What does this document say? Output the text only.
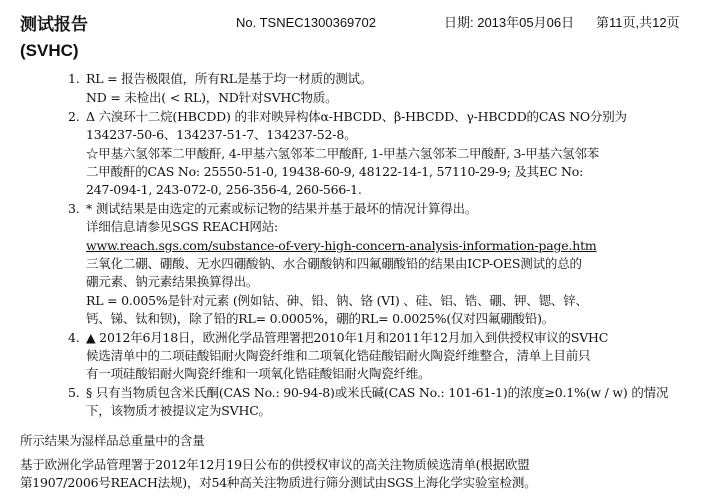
测试报告
(SVHC)
No. TSNEC1300369702	日期: 2013年05月06日 第11页,共12页
1. RL = 报告极限值，所有RL是基于均一材质的测试。
ND = 未检出( < RL)，ND针对SVHC物质。
2. Δ 六溴环十二烷(HBCDD) 的非对映异构体α-HBCDD、β-HBCDD、γ-HBCDD的CAS NO分别为
134237-50-6、134237-51-7、134237-52-8。
☆甲基六氢邻苯二甲酸酐, 4-甲基六氢邻苯二甲酸酐, 1-甲基六氢邻苯二甲酸酐, 3-甲基六氢邻苯
二甲酸酐的CAS No: 25550-51-0, 19438-60-9, 48122-14-1, 57110-29-9; 及其EC No:
247-094-1, 243-072-0, 256-356-4, 260-566-1.
3. * 测试结果是由选定的元素或标记物的结果并基于最坏的情况计算得出。
详细信息请参见SGS REACH网站:
www.reach.sgs.com/substance-of-very-high-concern-analysis-information-page.htm
三氧化二硼、硼酸、无水四硼酸钠、水合硼酸钠和四氟硼酸铅的结果由ICP-OES测试的总的
硼元素、钠元素结果换算得出。
RL = 0.005%是针对元素 (例如钴、砷、铅、钠、铬 (VI) 、硅、铝、锆、硼、钾、锶、锌、
钙、锑、钛和钡)，除了铅的RL= 0.0005%，硼的RL= 0.0025%(仅对四氟硼酸铅)。
4. ▲ 2012年6月18日，欧洲化学品管理署把2010年1月和2011年12月加入到供授权审议的SVHC
候选清单中的二项硅酸铝耐火陶瓷纤维和二项氧化锆硅酸铝耐火陶瓷纤维整合，清单上目前只
有一项硅酸铝耐火陶瓷纤维和一项氧化锆硅酸铝耐火陶瓷纤维。
5. § 只有当物质包含米氏酮(CAS No.: 90-94-8)或米氏碱(CAS No.: 101-61-1)的浓度≥0.1%(w / w) 的情况
下，该物质才被提议定为SVHC。
所示结果为湿样品总重量中的含量
基于欧洲化学品管理署于2012年12月19日公布的供授权审议的高关注物质候选清单(根据欧盟
第1907/2006号REACH法规)，对54种高关注物质进行筛分测试由SGS上海化学实验室检测。
